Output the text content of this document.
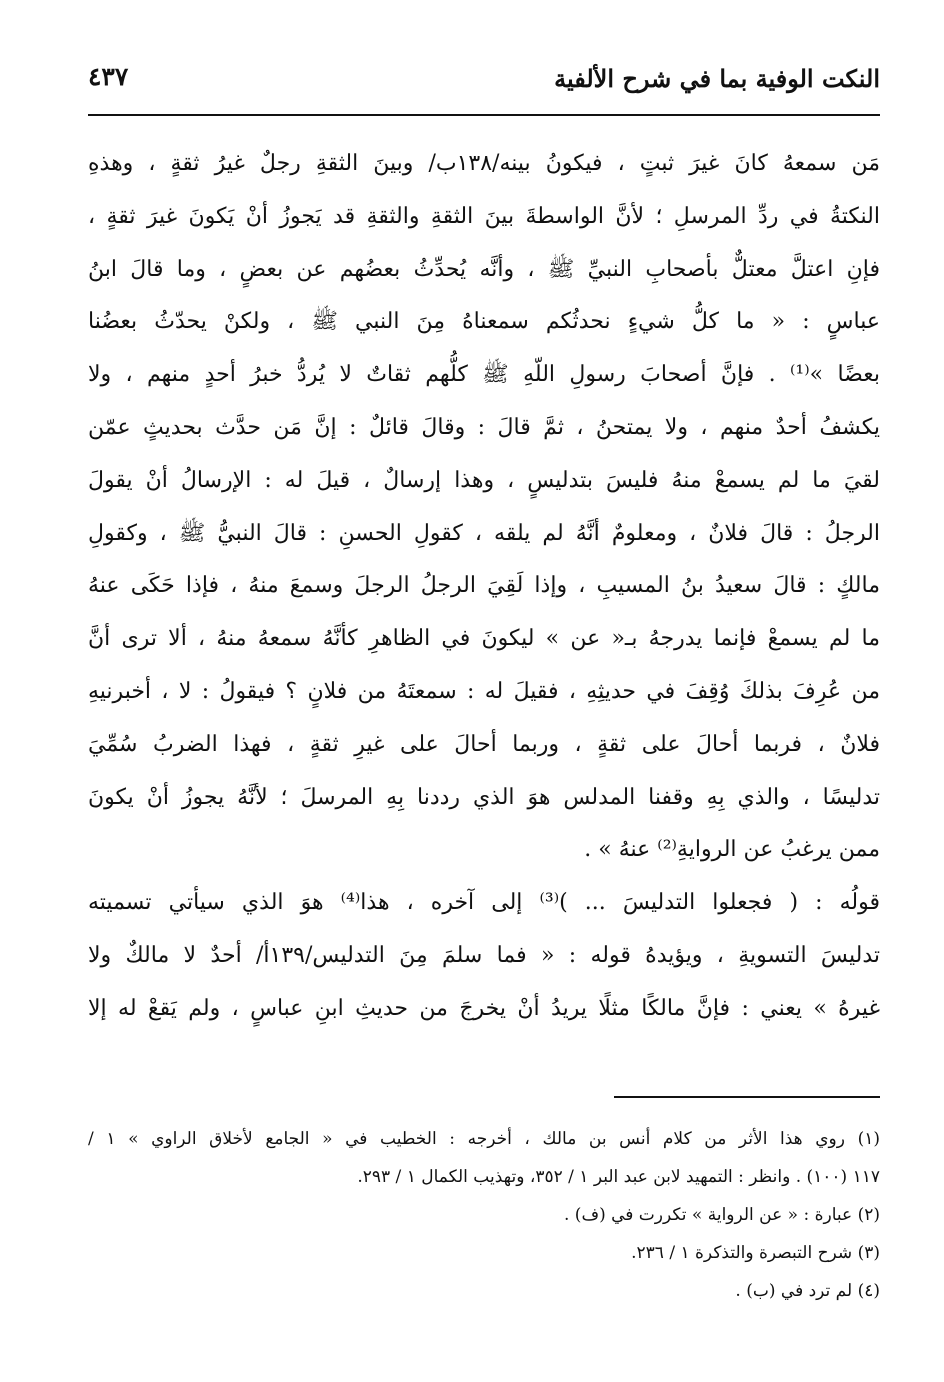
النكت الوفية بما في شرح الألفية
٤٣٧
مَن سمعهُ كانَ غيرَ ثبتٍ ، فيكونُ بينه/١٣٨ب/ وبينَ الثقةِ رجلٌ غيرُ ثقةٍ ، وهذهِ
النكتةُ في ردِّ المرسلِ ؛ لأنَّ الواسطةَ بينَ الثقةِ والثقةِ قد يَجوزُ أنْ يَكونَ غيرَ ثقةٍ ،
فإنِ اعتلَّ معتلٌّ بأصحابِ النبيِّ ﷺ ، وأنَّه يُحدِّثُ بعضُهم عن بعضٍ ، وما قالَ ابنُ
عباسٍ : « ما كلُّ شيءٍ نحدثُكم سمعناهُ مِنَ النبي ﷺ ، ولكنْ يحدّثُ بعضُنا
بعضًا »⁽¹⁾ . فإنَّ أصحابَ رسولِ اللّهِ ﷺ كلُّهم ثقاتٌ لا يُردُّ خبرُ أحدٍ منهم ، ولا
يكشفُ أحدٌ منهم ، ولا يمتحنُ ، ثمَّ قالَ : وقالَ قائلٌ : إنَّ مَن حدَّث بحديثٍ عمّن
لقيَ ما لم يسمعْ منهُ فليسَ بتدليسٍ ، وهذا إرسالٌ ، قيلَ له : الإرسالُ أنْ يقولَ
الرجلُ : قالَ فلانٌ ، ومعلومٌ أنَّهُ لم يلقه ، كقولِ الحسنِ : قالَ النبيُّ ﷺ ، وكقولِ
مالكٍ : قالَ سعيدُ بنُ المسيبِ ، وإذا لَقِيَ الرجلُ الرجلَ وسمعَ منهُ ، فإذا حَكَى عنهُ
ما لم يسمعْ فإنما يدرجهُ بـ« عن » ليكونَ في الظاهرِ كأنَّهُ سمعهُ منهُ ، ألا ترى أنَّ
من عُرِفَ بذلكَ وُقِفَ في حديثِهِ ، فقيلَ له : سمعتَهُ من فلانٍ ؟ فيقولُ : لا ، أخبرنيهِ
فلانٌ ، فربما أحالَ على ثقةٍ ، وربما أحالَ على غيرِ ثقةٍ ، فهذا الضربُ سُمِّيَ
تدليسًا ، والذي بِهِ وقفنا المدلس هوَ الذي رددنا بِهِ المرسلَ ؛ لأنَّهُ يجوزُ أنْ يكونَ
ممن يرغبُ عن الروايةِ⁽²⁾ عنهُ » .
قولُه : ( فجعلوا التدليسَ ... )⁽³⁾ إلى آخره ، هذا⁽⁴⁾ هوَ الذي سيأتي تسميته
تدليسَ التسويةِ ، ويؤيدهُ قوله : « فما سلمَ مِنَ التدليس/١٣٩أ/ أحدٌ لا مالكٌ ولا
غيرهُ » يعني : فإنَّ مالكًا مثلًا يريدُ أنْ يخرجَ من حديثِ ابنِ عباسٍ ، ولم يَقعْ له إلا
(١) روي هذا الأثر من كلام أنس بن مالك ، أخرجه : الخطيب في « الجامع لأخلاق الراوي » ١ /
١١٧ (١٠٠) . وانظر : التمهيد لابن عبد البر ١ / ٣٥٢، وتهذيب الكمال ١ / ٢٩٣.
(٢) عبارة : « عن الرواية » تكررت في (ف) .
(٣) شرح التبصرة والتذكرة ١ / ٢٣٦.
(٤) لم ترد في (ب) .
